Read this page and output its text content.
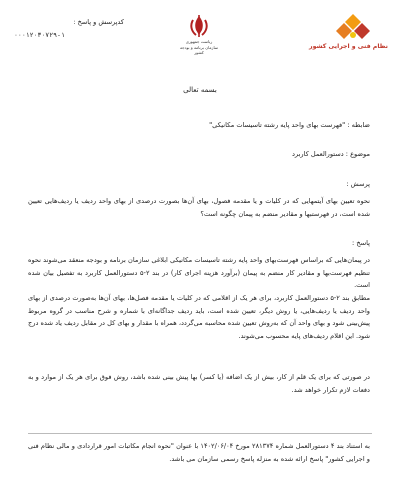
کدپرسش و پاسخ :
۰۰۰۱۲۰۳۰۷۲۹-۱
ریاست جمهوری
سازمان برنامه و بودجه کشور
نظام فنی و اجرایی کشور
بسمه تعالی
ضابطه : "فهرست بهای واحد پایه رشته تاسیسات مکانیکی"
موضوع : دستورالعمل کاربرد
پرسش :
نحوه تعیین بهای آیتمهایی که در کلیات و یا مقدمه فصول، بهای آن‌ها بصورت درصدی از بهای واحد ردیف یا ردیف‌هایی تعیین شده است، در فهرستبها و مقادیر منضم به پیمان چگونه است؟
پاسخ :
در پیمان‌هایی که براساس فهرست‌بهای واحد پایه رشته تاسیسات مکانیکی ابلاغی سازمان برنامه و بودجه منعقد می‌شوند نحوه تنظیم فهرست‌بها و مقادیر کار منضم به پیمان (برآورد هزینه اجرای کار) در بند ۲-۵ دستورالعمل کاربرد به تفصیل بیان شده است.
مطابق بند ۲-۵ دستورالعمل کاربرد، برای هر یک از اقلامی که در کلیات یا مقدمه فصل‌ها، بهای آن‌ها به‌صورت درصدی از بهای واحد ردیف یا ردیف‌هایی، یا روش دیگر، تعیین شده است، باید ردیف جداگانه‌ای با شماره و شرح مناسب در گروه مربوط پیش‌بینی شود و بهای واحد آن که به‌روش تعیین شده محاسبه می‌گردد، همراه با مقدار و بهای کل در مقابل ردیف یاد شده درج شود. این اقلام ردیف‌های پایه محسوب می‌شوند.
در صورتی که برای یک قلم از کار، بیش از یک اضافه (یا کسر) بها پیش بینی شده باشد، روش فوق برای هر یک از موارد و به دفعات لازم تکرار خواهد شد.
به استناد بند ۴ دستورالعمل شماره ۲۸۱۳۷۴ مورخ ۱۴۰۲/۰۶/۰۴ با عنوان "نحوه انجام مکاتبات امور قراردادی و مالی نظام فنی و اجرایی کشور" پاسخ ارائه شده به منزله پاسخ رسمی سازمان می باشد.
